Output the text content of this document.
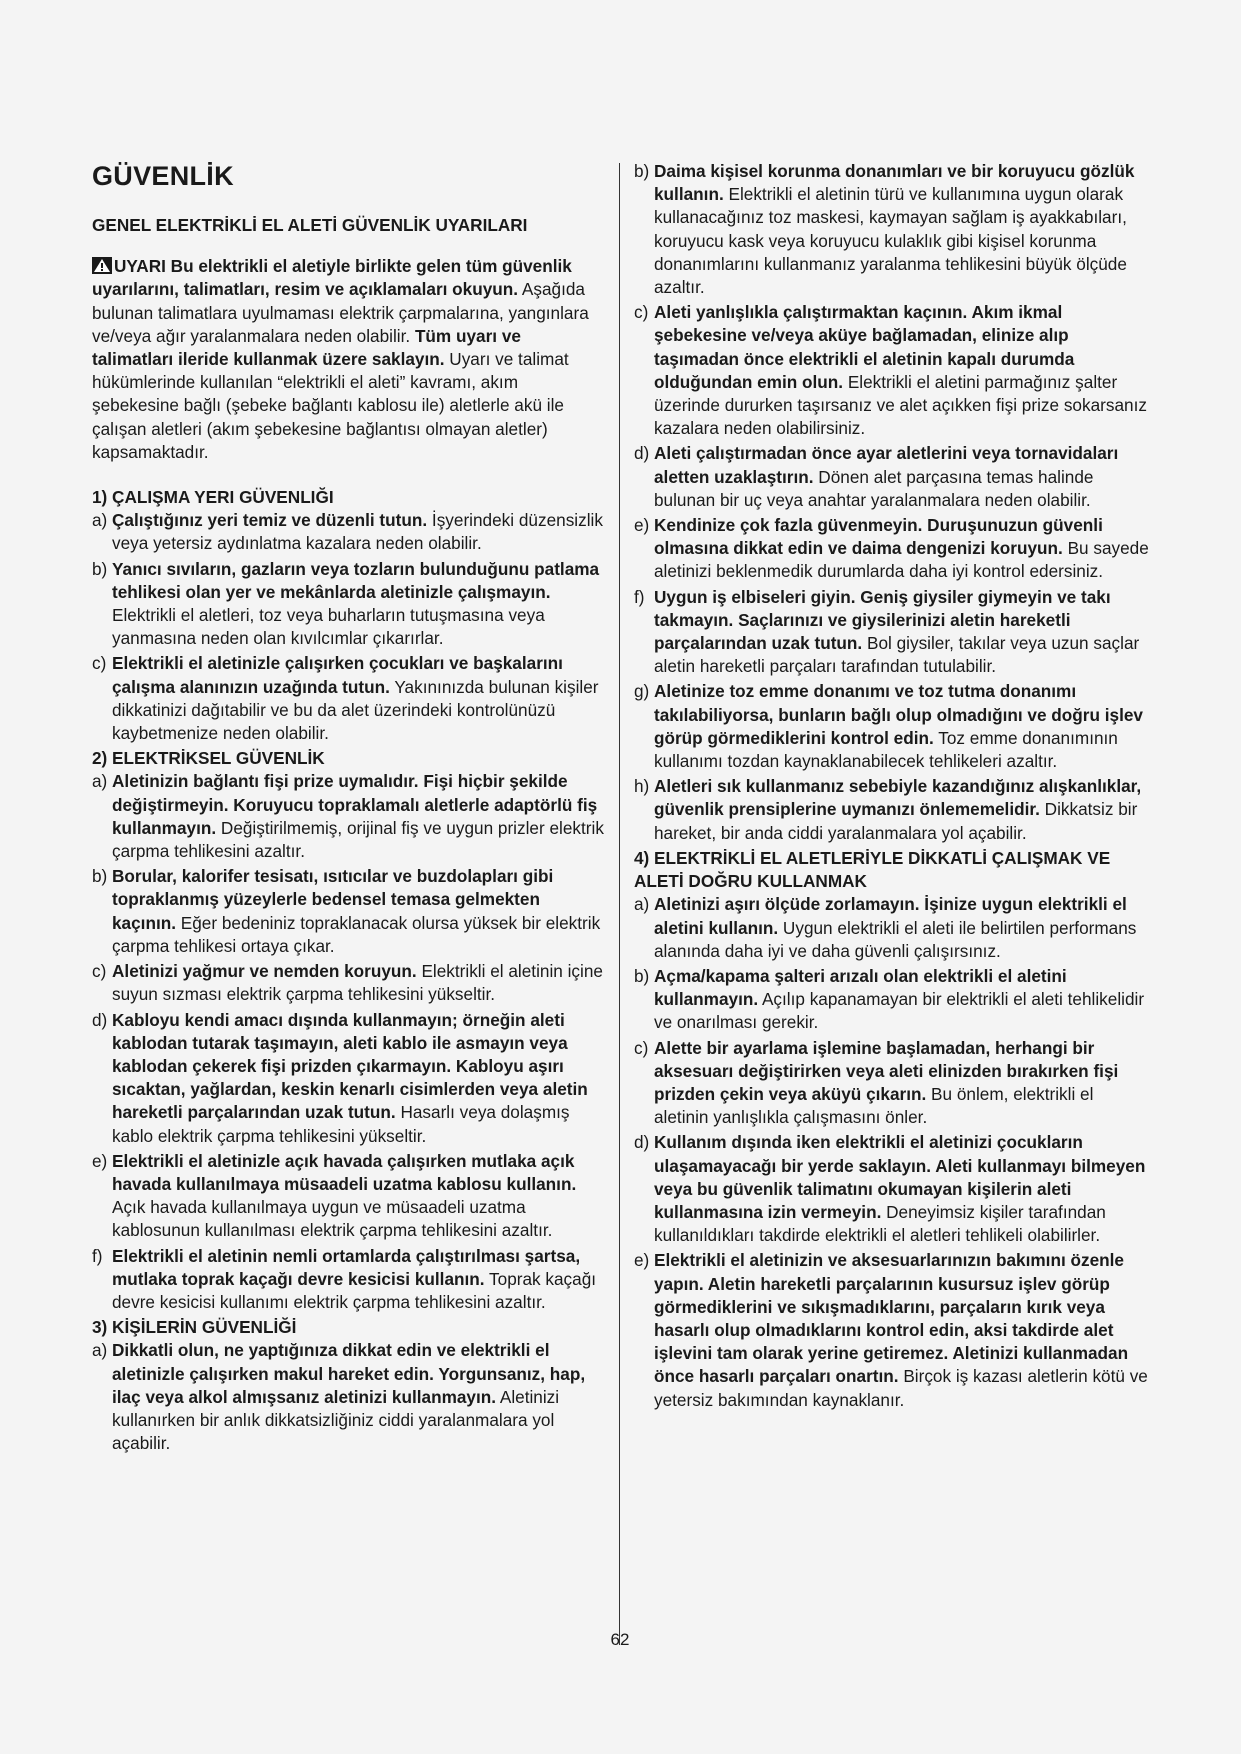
GÜVENLİK
GENEL ELEKTRİKLİ EL ALETİ GÜVENLİK UYARILARI

UYARI Bu elektrikli el aletiyle birlikte gelen tüm güvenlik uyarılarını, talimatları, resim ve açıklamaları okuyun. Aşağıda bulunan talimatlara uyulmaması elektrik çarpmalarına, yangınlara ve/veya ağır yaralanmalara neden olabilir. Tüm uyarı ve talimatları ileride kullanmak üzere saklayın. Uyarı ve talimat hükümlerinde kullanılan “elektrikli el aleti” kavramı, akım şebekesine bağlı (şebeke bağlantı kablosu ile) aletlerle akü ile çalışan aletleri (akım şebekesine bağlantısı olmayan aletler) kapsamaktadır.

1) ÇALIŞMA YERI GÜVENLIĞI
a) Çalıştığınız yeri temiz ve düzenli tutun. İşyerindeki düzensizlik veya yetersiz aydınlatma kazalara neden olabilir.
b) Yanıcı sıvıların, gazların veya tozların bulunduğunu patlama tehlikesi olan yer ve mekânlarda aletinizle çalışmayın. Elektrikli el aletleri, toz veya buharların tutuşmasına veya yanmasına neden olan kıvılcımlar çıkarırlar.
c) Elektrikli el aletinizle çalışırken çocukları ve başkalarını çalışma alanınızın uzağında tutun. Yakınınızda bulunan kişiler dikkatinizi dağıtabilir ve bu da alet üzerindeki kontrolünüzü kaybetmenize neden olabilir.
2) ELEKTRİKSEL GÜVENLİK
a) Aletinizin bağlantı fişi prize uymalıdır. Fişi hiçbir şekilde değiştirmeyin. Koruyucu topraklamalı aletlerle adaptörlü fiş kullanmayın. Değiştirilmemiş, orijinal fiş ve uygun prizler elektrik çarpma tehlikesini azaltır.
b) Borular, kalorifer tesisatı, ısıtıcılar ve buzdolapları gibi topraklanmış yüzeylerle bedensel temasa gelmekten kaçının. Eğer bedeniniz topraklanacak olursa yüksek bir elektrik çarpma tehlikesi ortaya çıkar.
c) Aletinizi yağmur ve nemden koruyun. Elektrikli el aletinin içine suyun sızması elektrik çarpma tehlikesini yükseltir.
d) Kabloyu kendi amacı dışında kullanmayın; örneğin aleti kablodan tutarak taşımayın, aleti kablo ile asmayın veya kablodan çekerek fişi prizden çıkarmayın. Kabloyu aşırı sıcaktan, yağlardan, keskin kenarlı cisimlerden veya aletin hareketli parçalarından uzak tutun. Hasarlı veya dolaşmış kablo elektrik çarpma tehlikesini yükseltir.
e) Elektrikli el aletinizle açık havada çalışırken mutlaka açık havada kullanılmaya müsaadeli uzatma kablosu kullanın. Açık havada kullanılmaya uygun ve müsaadeli uzatma kablosunun kullanılması elektrik çarpma tehlikesini azaltır.
f) Elektrikli el aletinin nemli ortamlarda çalıştırılması şartsa, mutlaka toprak kaçağı devre kesicisi kullanın. Toprak kaçağı devre kesicisi kullanımı elektrik çarpma tehlikesini azaltır.
3) KİŞİLERİN GÜVENLİĞİ
a) Dikkatli olun, ne yaptığınıza dikkat edin ve elektrikli el aletinizle çalışırken makul hareket edin. Yorgunsanız, hap, ilaç veya alkol almışsanız aletinizi kullanmayın. Aletinizi kullanırken bir anlık dikkatsizliğiniz ciddi yaralanmalara yol açabilir.
b) Daima kişisel korunma donanımları ve bir koruyucu gözlük kullanın. Elektrikli el aletinin türü ve kullanımına uygun olarak kullanacağınız toz maskesi, kaymayan sağlam iş ayakkabıları, koruyucu kask veya koruyucu kulaklık gibi kişisel korunma donanımlarını kullanmanız yaralanma tehlikesini büyük ölçüde azaltır.
c) Aleti yanlışlıkla çalıştırmaktan kaçının. Akım ikmal şebekesine ve/veya aküye bağlamadan, elinize alıp taşımadan önce elektrikli el aletinin kapalı durumda olduğundan emin olun. Elektrikli el aletini parmağınız şalter üzerinde dururken taşırsanız ve alet açıkken fişi prize sokarsanız kazalara neden olabilirsiniz.
d) Aleti çalıştırmadan önce ayar aletlerini veya tornavidaları aletten uzaklaştırın. Dönen alet parçasına temas halinde bulunan bir uç veya anahtar yaralanmalara neden olabilir.
e) Kendinize çok fazla güvenmeyin. Duruşunuzun güvenli olmasına dikkat edin ve daima dengenizi koruyun. Bu sayede aletinizi beklenmedik durumlarda daha iyi kontrol edersiniz.
f) Uygun iş elbiseleri giyin. Geniş giysiler giymeyin ve takı takmayın. Saçlarınızı ve giysilerinizi aletin hareketli parçalarından uzak tutun. Bol giysiler, takılar veya uzun saçlar aletin hareketli parçaları tarafından tutulabilir.
g) Aletinize toz emme donanımı ve toz tutma donanımı takılabiliyorsa, bunların bağlı olup olmadığını ve doğru işlev görüp görmediklerini kontrol edin. Toz emme donanımının kullanımı tozdan kaynaklanabilecek tehlikeleri azaltır.
h) Aletleri sık kullanmanız sebebiyle kazandığınız alışkanlıklar, güvenlik prensiplerine uymanızı önlememelidir. Dikkatsiz bir hareket, bir anda ciddi yaralanmalara yol açabilir.
4) ELEKTRİKLİ EL ALETLERİYLE DİKKATLİ ÇALIŞMAK VE ALETİ DOĞRU KULLANMAK
a) Aletinizi aşırı ölçüde zorlamayın. İşinize uygun elektrikli el aletini kullanın. Uygun elektrikli el aleti ile belirtilen performans alanında daha iyi ve daha güvenli çalışırsınız.
b) Açma/kapama şalteri arızalı olan elektrikli el aletini kullanmayın. Açılıp kapanamayan bir elektrikli el aleti tehlikelidir ve onarılması gerekir.
c) Alette bir ayarlama işlemine başlamadan, herhangi bir aksesuarı değiştirirken veya aleti elinizden bırakırken fişi prizden çekin veya aküyü çıkarın. Bu önlem, elektrikli el aletinin yanlışlıkla çalışmasını önler.
d) Kullanım dışında iken elektrikli el aletinizi çocukların ulaşamayacağı bir yerde saklayın. Aleti kullanmayı bilmeyen veya bu güvenlik talimatını okumayan kişilerin aleti kullanmasına izin vermeyin. Deneyimsiz kişiler tarafından kullanıldıkları takdirde elektrikli el aletleri tehlikeli olabilirler.
e) Elektrikli el aletinizin ve aksesuarlarınızın bakımını özenle yapın. Aletin hareketli parçalarının kusursuz işlev görüp görmediklerini ve sıkışmadıklarını, parçaların kırık veya hasarlı olup olmadıklarını kontrol edin, aksi takdirde alet işlevini tam olarak yerine getiremez. Aletinizi kullanmadan önce hasarlı parçaları onartın. Birçok iş kazası aletlerin kötü ve yetersiz bakımından kaynaklanır.
62
